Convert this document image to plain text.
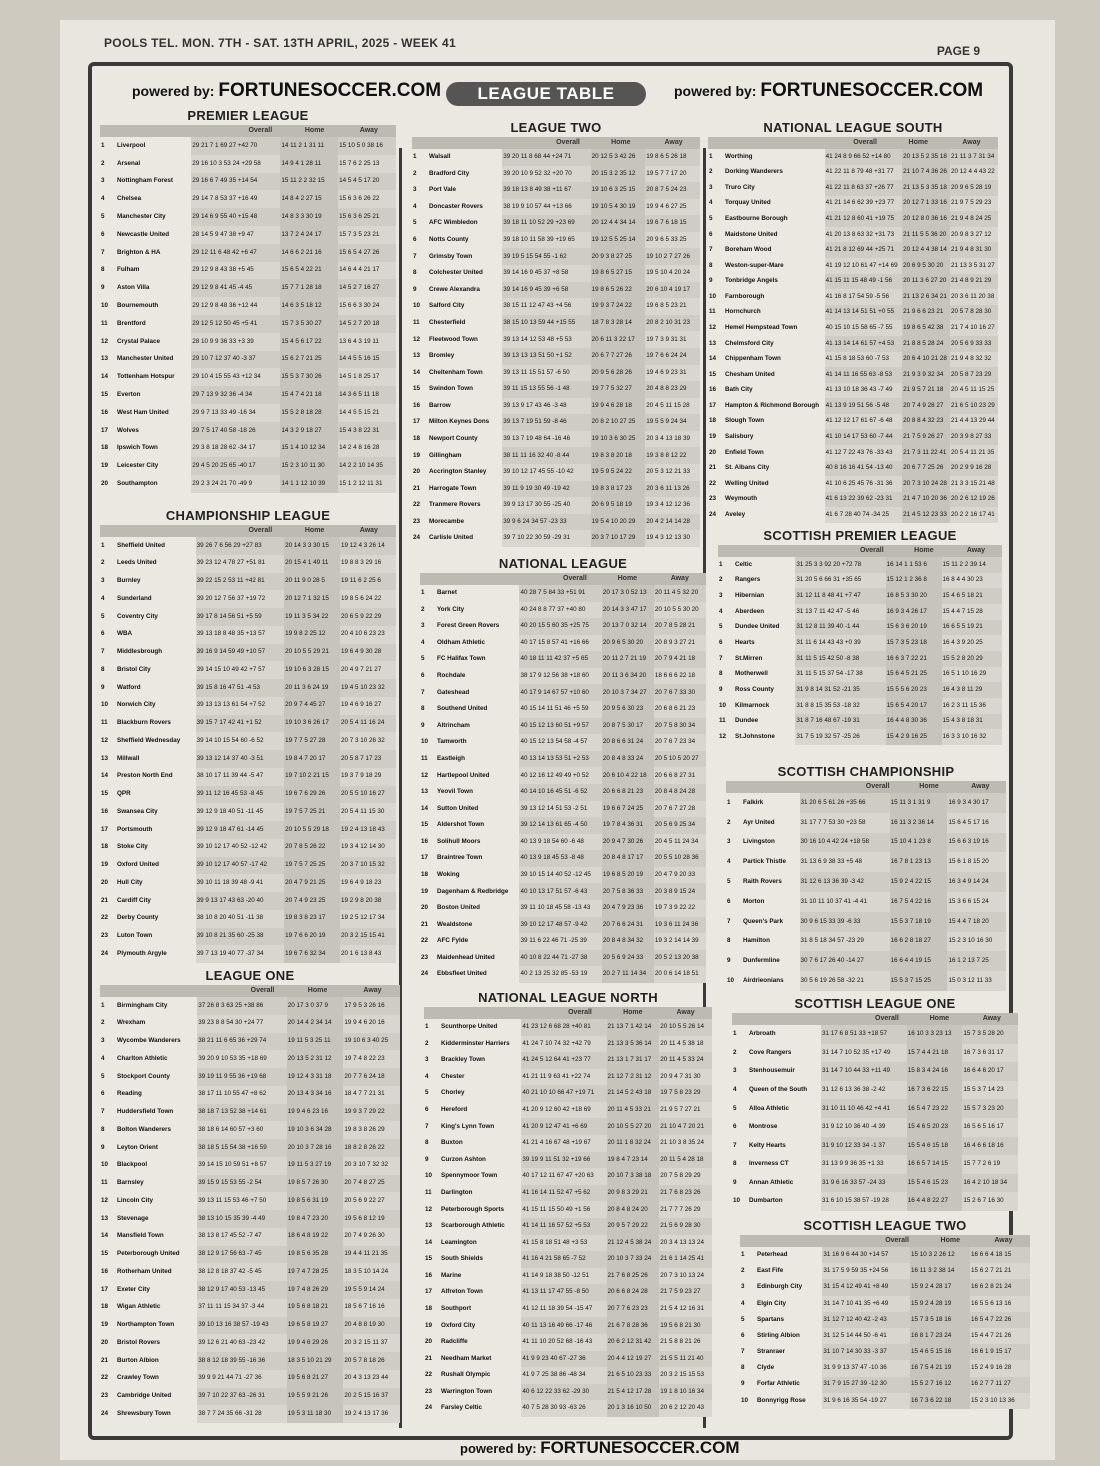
POOLS TEL. MON. 7TH - SAT. 13TH APRIL, 2025 - WEEK 41
PAGE 9
powered by: FORTUNESOCCER.COM	LEAGUE TABLE	powered by: FORTUNESOCCER.COM
PREMIER LEAGUE
Overall	Home	Away
1	Liverpool	29 21 7 1 69 27 +42 70	14 11 2 1 31 11	15 10 5 0 38 16
2	Arsenal	29 16 10 3 53 24 +29 58	14 9 4 1 28 11	15 7 6 2 25 13
3	Nottingham Forest	29 16 6 7 49 35 +14 54	15 11 2 2 32 15	14 5 4 5 17 20
4	Chelsea	29 14 7 8 53 37 +16 49	14 8 4 2 27 15	15 6 3 6 26 22
5	Manchester City	29 14 6 9 55 40 +15 48	14 8 3 3 30 19	15 6 3 6 25 21
6	Newcastle United	28 14 5 9 47 38 +9 47	13 7 2 4 24 17	15 7 3 5 23 21
7	Brighton & HA	29 12 11 6 48 42 +6 47	14 6 6 2 21 16	15 6 5 4 27 26
8	Fulham	29 12 9 8 43 38 +5 45	15 6 5 4 22 21	14 6 4 4 21 17
9	Aston Villa	29 12 9 8 41 45 -4 45	15 7 7 1 28 18	14 5 2 7 16 27
10	Bournemouth	29 12 9 8 48 36 +12 44	14 6 3 5 18 12	15 6 6 3 30 24
11	Brentford	29 12 5 12 50 45 +5 41	15 7 3 5 30 27	14 5 2 7 20 18
12	Crystal Palace	28 10 9 9 36 33 +3 39	15 4 5 6 17 22	13 6 4 3 19 11
13	Manchester United	29 10 7 12 37 40 -3 37	15 6 2 7 21 25	14 4 5 5 16 15
14	Tottenham Hotspur	29 10 4 15 55 43 +12 34	15 5 3 7 30 26	14 5 1 8 25 17
15	Everton	29 7 13 9 32 36 -4 34	15 4 7 4 21 18	14 3 6 5 11 18
16	West Ham United	29 9 7 13 33 49 -16 34	15 5 2 8 18 28	14 4 5 5 15 21
17	Wolves	29 7 5 17 40 58 -18 26	14 3 2 9 18 27	15 4 3 8 22 31
18	Ipswich Town	29 3 8 18 28 62 -34 17	15 1 4 10 12 34	14 2 4 8 16 28
19	Leicester City	29 4 5 20 25 65 -40 17	15 2 3 10 11 30	14 2 2 10 14 35
20	Southampton	29 2 3 24 21 70 -49 9	14 1 1 12 10 39	15 1 2 12 11 31
CHAMPIONSHIP LEAGUE
Overall	Home	Away
1	Sheffield United	39 26 7 6 56 29 +27 83	20 14 3 3 30 15	19 12 4 3 26 14
2	Leeds United	39 23 12 4 78 27 +51 81	20 15 4 1 49 11	19 8 8 3 29 16
3	Burnley	39 22 15 2 53 11 +42 81	20 11 9 0 28 5	19 11 6 2 25 6
4	Sunderland	39 20 12 7 56 37 +19 72	20 12 7 1 32 15	19 8 5 6 24 22
5	Coventry City	39 17 8 14 56 51 +5 59	19 11 3 5 34 22	20 6 5 9 22 29
6	WBA	39 13 18 8 48 35 +13 57	19 9 8 2 25 12	20 4 10 6 23 23
7	Middlesbrough	39 16 9 14 59 49 +10 57	20 10 5 5 29 21	19 6 4 9 30 28
8	Bristol City	39 14 15 10 49 42 +7 57	19 10 6 3 28 15	20 4 9 7 21 27
9	Watford	39 15 8 16 47 51 -4 53	20 11 3 6 24 19	19 4 5 10 23 32
10	Norwich City	39 13 13 13 61 54 +7 52	20 9 7 4 45 27	19 4 6 9 16 27
11	Blackburn Rovers	39 15 7 17 42 41 +1 52	19 10 3 6 26 17	20 5 4 11 16 24
12	Sheffield Wednesday	39 14 10 15 54 60 -6 52	19 7 7 5 27 28	20 7 3 10 26 32
13	Millwall	39 13 12 14 37 40 -3 51	19 8 4 7 20 17	20 5 8 7 17 23
14	Preston North End	38 10 17 11 39 44 -5 47	19 7 10 2 21 15	19 3 7 9 18 29
15	QPR	39 11 12 16 45 53 -8 45	19 6 7 6 29 26	20 5 5 10 16 27
16	Swansea City	39 12 9 18 40 51 -11 45	19 7 5 7 25 21	20 5 4 11 15 30
17	Portsmouth	39 12 9 18 47 61 -14 45	20 10 5 5 29 18	19 2 4 13 18 43
18	Stoke City	39 10 12 17 40 52 -12 42	20 7 8 5 26 22	19 3 4 12 14 30
19	Oxford United	39 10 12 17 40 57 -17 42	19 7 5 7 25 25	20 3 7 10 15 32
20	Hull City	39 10 11 18 39 48 -9 41	20 4 7 9 21 25	19 6 4 9 18 23
21	Cardiff City	39 9 13 17 43 63 -20 40	20 7 4 9 23 25	19 2 9 8 20 38
22	Derby County	38 10 8 20 40 51 -11 38	19 8 3 8 23 17	19 2 5 12 17 34
23	Luton Town	39 10 8 21 35 60 -25 38	19 7 6 6 20 19	20 3 2 15 15 41
24	Plymouth Argyle	39 7 13 19 40 77 -37 34	19 6 7 6 32 34	20 1 6 13 8 43
LEAGUE ONE
Overall	Home	Away
1	Birmingham City	37 26 8 3 63 25 +38 86	20 17 3 0 37 9	17 9 5 3 26 16
2	Wrexham	39 23 8 8 54 30 +24 77	20 14 4 2 34 14	19 9 4 6 20 16
3	Wycombe Wanderers	38 21 11 6 65 36 +29 74	19 11 5 3 25 11	19 10 6 3 40 25
4	Charlton Athletic	39 20 9 10 53 35 +18 69	20 13 5 2 31 12	19 7 4 8 22 23
5	Stockport County	39 19 11 9 55 36 +19 68	19 12 4 3 31 18	20 7 7 6 24 18
6	Reading	38 17 11 10 55 47 +8 62	20 13 4 3 34 16	18 4 7 7 21 31
7	Huddersfield Town	38 18 7 13 52 38 +14 61	19 9 4 6 23 16	19 9 3 7 29 22
8	Bolton Wanderers	38 18 6 14 60 57 +3 60	19 10 3 6 34 28	19 8 3 8 26 29
9	Leyton Orient	38 18 5 15 54 38 +16 59	20 10 3 7 28 16	18 8 2 8 26 22
10	Blackpool	39 14 15 10 59 51 +8 57	19 11 5 3 27 19	20 3 10 7 32 32
11	Barnsley	39 15 9 15 53 55 -2 54	19 8 5 7 26 30	20 7 4 8 27 25
12	Lincoln City	39 13 11 15 53 46 +7 50	19 8 5 6 31 19	20 5 6 9 22 27
13	Stevenage	38 13 10 15 35 39 -4 49	19 8 4 7 23 20	19 5 6 8 12 19
14	Mansfield Town	38 13 8 17 45 52 -7 47	18 6 4 8 19 22	20 7 4 9 26 30
15	Peterborough United	38 12 9 17 56 63 -7 45	19 8 5 6 35 28	19 4 4 11 21 35
16	Rotherham United	38 12 8 18 37 42 -5 45	19 7 4 7 28 25	18 3 5 10 14 24
17	Exeter City	38 12 9 17 40 53 -13 45	19 7 4 8 26 29	19 5 5 9 14 24
18	Wigan Athletic	37 11 11 15 34 37 -3 44	19 5 6 8 18 21	18 5 6 7 16 16
19	Northampton Town	39 10 13 16 38 57 -19 43	19 6 5 8 19 27	20 4 8 8 19 30
20	Bristol Rovers	39 12 6 21 40 63 -23 42	19 9 4 6 29 26	20 3 2 15 11 37
21	Burton Albion	38 8 12 18 39 55 -16 36	18 3 5 10 21 29	20 5 7 8 18 26
22	Crawley Town	39 9 9 21 44 71 -27 36	19 5 6 8 21 27	20 4 3 13 23 44
23	Cambridge United	39 7 10 22 37 63 -26 31	19 5 5 9 21 26	20 2 5 15 16 37
24	Shrewsbury Town	38 7 7 24 35 66 -31 28	19 5 3 11 18 30	19 2 4 13 17 36
LEAGUE TWO
Overall	Home	Away
1	Walsall	39 20 11 8 68 44 +24 71	20 12 5 3 42 26	19 8 6 5 26 18
2	Bradford City	39 20 10 9 52 32 +20 70	20 15 3 2 35 12	19 5 7 7 17 20
3	Port Vale	39 18 13 8 49 38 +11 67	19 10 6 3 25 15	20 8 7 5 24 23
4	Doncaster Rovers	38 19 9 10 57 44 +13 66	19 10 5 4 30 19	19 9 4 6 27 25
5	AFC Wimbledon	39 18 11 10 52 29 +23 69	20 12 4 4 34 14	19 6 7 6 18 15
6	Notts County	39 18 10 11 58 39 +19 65	19 12 5 5 25 14	20 9 6 5 33 25
7	Grimsby Town	39 19 5 15 54 55 -1 62	20 9 3 8 27 25	19 10 2 7 27 26
8	Colchester United	39 14 16 9 45 37 +8 58	19 8 6 5 27 15	19 5 10 4 20 24
9	Crewe Alexandra	39 14 16 9 45 39 +6 58	19 8 6 5 26 22	20 6 10 4 19 17
10	Salford City	38 15 11 12 47 43 +4 56	19 9 3 7 24 22	19 6 8 5 23 21
11	Chesterfield	38 15 10 13 59 44 +15 55	18 7 8 3 28 14	20 8 2 10 31 23
12	Fleetwood Town	39 13 14 12 53 48 +5 53	20 6 11 3 22 17	19 7 3 9 31 31
13	Bromley	39 13 13 13 51 50 +1 52	20 6 7 7 27 26	19 7 6 6 24 24
14	Cheltenham Town	39 13 11 15 51 57 -6 50	20 9 5 6 28 26	19 4 6 9 23 31
15	Swindon Town	39 11 15 13 55 56 -1 48	19 7 7 5 32 27	20 4 8 8 23 29
16	Barrow	39 13 9 17 43 46 -3 48	19 9 4 6 28 18	20 4 5 11 15 28
17	Milton Keynes Dons	39 13 7 19 51 59 -8 46	20 8 2 10 27 25	19 5 5 9 24 34
18	Newport County	39 13 7 19 48 64 -16 46	19 10 3 6 30 25	20 3 4 13 18 39
19	Gillingham	38 11 11 16 32 40 -8 44	19 8 3 8 20 18	19 3 8 8 12 22
20	Accrington Stanley	39 10 12 17 45 55 -10 42	19 5 9 5 24 22	20 5 3 12 21 33
21	Harrogate Town	39 11 9 19 30 49 -19 42	19 8 3 8 17 23	20 3 6 11 13 26
22	Tranmere Rovers	39 9 13 17 30 55 -25 40	20 6 9 5 18 19	19 3 4 12 12 36
23	Morecambe	39 9 6 24 34 57 -23 33	19 5 4 10 20 29	20 4 2 14 14 28
24	Carlisle United	39 7 10 22 30 59 -29 31	20 3 7 10 17 29	19 4 3 12 13 30
NATIONAL LEAGUE
Overall	Home	Away
1	Barnet	40 28 7 5 84 33 +51 91	20 17 3 0 52 13	20 11 4 5 32 20
2	York City	40 24 8 8 77 37 +40 80	20 14 3 3 47 17	20 10 5 5 30 20
3	Forest Green Rovers	40 20 15 5 60 35 +25 75	20 13 7 0 32 14	20 7 8 5 28 21
4	Oldham Athletic	40 17 15 8 57 41 +16 66	20 9 6 5 30 20	20 8 9 3 27 21
5	FC Halifax Town	40 18 11 11 42 37 +5 65	20 11 2 7 21 19	20 7 9 4 21 18
6	Rochdale	38 17 9 12 56 38 +18 60	20 11 3 6 34 20	18 6 6 6 22 18
7	Gateshead	40 17 9 14 67 57 +10 60	20 10 3 7 34 27	20 7 6 7 33 30
8	Southend United	40 15 14 11 51 46 +5 59	20 9 5 6 30 23	20 6 8 6 21 23
9	Altrincham	40 15 12 13 60 51 +9 57	20 8 7 5 30 17	20 7 5 8 30 34
10	Tamworth	40 15 12 13 54 58 -4 57	20 8 6 6 31 24	20 7 6 7 23 34
11	Eastleigh	40 13 14 13 53 51 +2 53	20 8 4 8 33 24	20 5 10 5 20 27
12	Hartlepool United	40 12 16 12 49 49 +0 52	20 6 10 4 22 18	20 6 6 8 27 31
13	Yeovil Town	40 14 10 16 45 51 -6 52	20 6 6 8 21 23	20 8 4 8 24 28
14	Sutton United	39 13 12 14 51 53 -2 51	19 6 6 7 24 25	20 7 6 7 27 28
15	Aldershot Town	39 12 14 13 61 65 -4 50	19 7 8 4 36 31	20 5 6 9 25 34
16	Solihull Moors	40 13 9 18 54 60 -6 48	20 9 4 7 30 26	20 4 5 11 24 34
17	Braintree Town	40 13 9 18 45 53 -8 48	20 8 4 8 17 17	20 5 5 10 28 36
18	Woking	39 10 15 14 40 52 -12 45	19 6 8 5 20 19	20 4 7 9 20 33
19	Dagenham & Redbridge	40 10 13 17 51 57 -6 43	20 7 5 8 36 33	20 3 8 9 15 24
20	Boston United	39 11 10 18 45 58 -13 43	20 4 7 9 23 36	19 7 3 9 22 22
21	Wealdstone	39 10 12 17 48 57 -9 42	20 7 6 6 24 31	19 3 6 11 24 36
22	AFC Fylde	39 11 6 22 46 71 -25 39	20 8 4 8 34 32	19 3 2 14 14 39
23	Maidenhead United	40 10 8 22 44 71 -27 38	20 5 6 9 24 33	20 5 2 13 20 38
24	Ebbsfleet United	40 2 13 25 32 85 -53 19	20 2 7 11 14 34	20 0 6 14 18 51
NATIONAL LEAGUE NORTH
Overall	Home	Away
1	Scunthorpe United	41 23 12 6 68 28 +40 81	21 13 7 1 42 14	20 10 5 5 26 14
2	Kidderminster Harriers	41 24 7 10 74 32 +42 79	21 13 3 5 36 14	20 11 4 5 38 18
3	Brackley Town	41 24 5 12 64 41 +23 77	21 13 1 7 31 17	20 11 4 5 33 24
4	Chester	41 21 11 9 63 41 +22 74	21 12 7 2 31 12	20 9 4 7 31 30
5	Chorley	40 21 10 10 66 47 +19 71	21 14 5 2 43 18	19 7 5 8 23 29
6	Hereford	41 20 9 12 60 42 +18 69	20 11 4 5 33 21	21 9 5 7 27 21
7	King's Lynn Town	41 20 9 12 47 41 +6 69	20 10 5 5 27 20	21 10 4 7 20 21
8	Buxton	41 21 4 16 67 48 +19 67	20 11 1 8 32 24	21 10 3 8 35 24
9	Curzon Ashton	39 19 9 11 51 32 +19 66	19 8 4 7 23 14	20 11 5 4 28 18
10	Spennymoor Town	40 17 12 11 67 47 +20 63	20 10 7 3 38 18	20 7 5 8 29 29
11	Darlington	41 16 14 11 52 47 +5 62	20 9 8 3 29 21	21 7 6 8 23 26
12	Peterborough Sports	41 15 11 15 50 49 +1 56	20 8 4 8 24 20	21 7 7 7 26 29
13	Scarborough Athletic	41 14 11 16 57 52 +5 53	20 9 5 7 29 22	21 5 6 9 28 30
14	Leamington	41 15 8 18 51 48 +3 53	21 12 4 5 38 24	20 3 4 13 13 24
15	South Shields	41 16 4 21 58 65 -7 52	20 10 3 7 33 24	21 6 1 14 25 41
16	Marine	41 14 9 18 38 50 -12 51	21 7 6 8 25 26	20 7 3 10 13 24
17	Alfreton Town	41 13 11 17 47 55 -8 50	20 6 6 8 24 28	21 7 5 9 23 27
18	Southport	41 12 11 18 39 54 -15 47	20 7 7 6 23 23	21 5 4 12 16 31
19	Oxford City	40 11 13 16 49 66 -17 46	21 6 7 8 28 36	19 5 6 8 21 30
20	Radcliffe	41 11 10 20 52 68 -16 43	20 6 2 12 31 42	21 5 8 8 21 26
21	Needham Market	41 9 9 23 40 67 -27 36	20 4 4 12 19 27	21 5 5 11 21 40
22	Rushall Olympic	41 9 7 25 38 86 -48 34	21 6 5 10 23 33	20 3 2 15 15 53
23	Warrington Town	40 6 12 22 33 62 -29 30	21 5 4 12 17 28	19 1 8 10 16 34
24	Farsley Celtic	40 7 5 28 30 93 -63 26	20 1 3 16 10 50	20 6 2 12 20 43
NATIONAL LEAGUE SOUTH
Overall	Home	Away
1	Worthing	41 24 8 9 66 52 +14 80	20 13 5 2 35 18	21 11 3 7 31 34
2	Dorking Wanderers	41 22 11 8 79 48 +31 77	21 10 7 4 36 26	20 12 4 4 43 22
3	Truro City	41 22 11 8 63 37 +26 77	21 13 5 3 35 18	20 9 6 5 28 19
4	Torquay United	41 21 14 6 62 39 +23 77	20 12 7 1 33 16	21 9 7 5 29 23
5	Eastbourne Borough	41 21 12 8 60 41 +19 75	20 12 8 0 36 16	21 9 4 8 24 25
6	Maidstone United	41 20 13 8 63 32 +31 73	21 11 5 5 36 20	20 9 8 3 27 12
7	Boreham Wood	41 21 8 12 69 44 +25 71	20 12 4 4 38 14	21 9 4 8 31 30
8	Weston-super-Mare	41 19 12 10 61 47 +14 69	20 6 9 5 30 20	21 13 3 5 31 27
9	Tonbridge Angels	41 15 11 15 48 49 -1 56	20 11 3 6 27 20	21 4 8 9 21 29
10	Farnborough	41 16 8 17 54 59 -5 56	21 13 2 6 34 21	20 3 6 11 20 38
11	Hornchurch	41 14 13 14 51 51 +0 55	21 9 6 6 23 21	20 5 7 8 28 30
12	Hemel Hempstead Town	40 15 10 15 58 65 -7 55	19 8 6 5 42 38	21 7 4 10 16 27
13	Chelmsford City	41 13 14 14 61 57 +4 53	21 8 8 5 28 24	20 5 6 9 33 33
14	Chippenham Town	41 15 8 18 53 60 -7 53	20 6 4 10 21 28	21 9 4 8 32 32
15	Chesham United	41 14 11 16 55 63 -8 53	21 9 3 9 32 34	20 5 8 7 23 29
16	Bath City	41 13 10 18 36 43 -7 49	21 9 5 7 21 18	20 4 5 11 15 25
17	Hampton & Richmond Borough	41 13 9 19 51 56 -5 48	20 7 4 9 28 27	21 6 5 10 23 29
18	Slough Town	41 12 12 17 61 67 -6 48	20 8 8 4 32 23	21 4 4 13 29 44
19	Salisbury	41 10 14 17 53 60 -7 44	21 7 5 9 26 27	20 3 9 8 27 33
20	Enfield Town	41 12 7 22 43 76 -33 43	21 7 3 11 22 41	20 5 4 11 21 35
21	St. Albans City	40 8 16 16 41 54 -13 40	20 6 7 7 25 26	20 2 9 9 16 28
22	Welling United	41 10 6 25 45 76 -31 36	20 7 3 10 24 28	21 3 3 15 21 48
23	Weymouth	41 6 13 22 39 62 -23 31	21 4 7 10 20 36	20 2 6 12 19 26
24	Aveley	41 6 7 28 40 74 -34 25	21 4 5 12 23 33	20 2 2 16 17 41
SCOTTISH PREMIER LEAGUE
Overall	Home	Away
1	Celtic	31 25 3 3 92 20 +72 78	16 14 1 1 53 6	15 11 2 2 39 14
2	Rangers	31 20 5 6 66 31 +35 65	15 12 1 2 36 8	16 8 4 4 30 23
3	Hibernian	31 12 11 8 48 41 +7 47	16 8 5 3 30 20	15 4 6 5 18 21
4	Aberdeen	31 13 7 11 42 47 -5 46	16 9 3 4 26 17	15 4 4 7 15 28
5	Dundee United	31 12 8 11 39 40 -1 44	15 6 3 6 20 19	16 6 5 5 19 21
6	Hearts	31 11 6 14 43 43 +0 39	15 7 3 5 23 18	16 4 3 9 20 25
7	St.Mirren	31 11 5 15 42 50 -8 38	16 6 3 7 22 21	15 5 2 8 20 29
8	Motherwell	31 11 5 15 37 54 -17 38	15 6 4 5 21 25	16 5 1 10 16 29
9	Ross County	31 9 8 14 31 52 -21 35	15 5 5 6 20 23	16 4 3 8 11 29
10	Kilmarnock	31 8 8 15 35 53 -18 32	15 6 5 4 20 17	16 2 3 11 15 36
11	Dundee	31 8 7 16 48 67 -19 31	16 4 4 8 30 36	15 4 3 8 18 31
12	St.Johnstone	31 7 5 19 32 57 -25 26	15 4 2 9 16 25	16 3 3 10 16 32
SCOTTISH CHAMPIONSHIP
Overall	Home	Away
1	Falkirk	31 20 6 5 61 26 +35 66	15 11 3 1 31 9	16 9 3 4 30 17
2	Ayr United	31 17 7 7 53 30 +23 58	16 11 3 2 36 14	15 6 4 5 17 16
3	Livingston	30 16 10 4 42 24 +18 58	15 10 4 1 23 8	15 6 6 3 19 16
4	Partick Thistle	31 13 6 9 38 33 +5 48	16 7 8 1 23 13	15 6 1 8 15 20
5	Raith Rovers	31 12 6 13 36 39 -3 42	15 9 2 4 22 15	16 3 4 9 14 24
6	Morton	31 10 11 10 37 41 -4 41	16 7 5 4 22 16	15 3 6 6 15 24
7	Queen's Park	30 9 6 15 33 39 -6 33	15 5 3 7 18 19	15 4 4 7 18 20
8	Hamilton	31 8 5 18 34 57 -23 29	16 6 2 8 18 27	15 2 3 10 16 30
9	Dunfermline	30 7 6 17 26 40 -14 27	16 6 4 4 19 15	16 1 2 13 7 25
10	Airdrieonians	30 5 6 19 26 58 -32 21	15 5 3 7 15 25	15 0 3 12 11 33
SCOTTISH LEAGUE ONE
Overall	Home	Away
1	Arbroath	31 17 6 8 51 33 +18 57	16 10 3 3 23 13	15 7 3 5 28 20
2	Cove Rangers	31 14 7 10 52 35 +17 49	15 7 4 4 21 18	16 7 3 6 31 17
3	Stenhousemuir	31 14 7 10 44 33 +11 49	15 8 3 4 24 16	16 6 4 6 20 17
4	Queen of the South	31 12 6 13 36 38 -2 42	16 7 3 6 22 15	15 5 3 7 14 23
5	Alloa Athletic	31 10 11 10 46 42 +4 41	16 5 4 7 23 22	15 5 7 3 23 20
6	Montrose	31 9 12 10 36 40 -4 39	15 4 6 5 20 23	16 5 6 5 16 17
7	Kelty Hearts	31 9 10 12 33 34 -1 37	15 5 4 6 15 18	16 4 6 6 18 16
8	Inverness CT	31 13 9 9 36 35 +1 33	16 6 5 7 14 15	15 7 7 2 6 19
9	Annan Athletic	31 9 6 16 33 57 -24 33	15 5 4 6 15 23	16 4 2 10 18 34
10	Dumbarton	31 6 10 15 38 57 -19 28	16 4 4 8 22 27	15 2 6 7 16 30
SCOTTISH LEAGUE TWO
Overall	Home	Away
1	Peterhead	31 16 9 6 44 30 +14 57	15 10 3 2 26 12	16 6 6 4 18 15
2	East Fife	31 17 5 9 59 35 +24 56	16 11 3 2 38 14	15 6 2 7 21 21
3	Edinburgh City	31 15 4 12 49 41 +8 49	15 9 2 4 28 17	16 6 2 8 21 24
4	Elgin City	31 14 7 10 41 35 +6 49	15 9 2 4 28 19	16 5 5 6 13 16
5	Spartans	31 12 7 12 40 42 -2 43	15 7 3 5 18 16	16 5 4 7 22 26
6	Stirling Albion	31 12 5 14 44 50 -6 41	16 8 1 7 23 24	15 4 4 7 21 26
7	Stranraer	31 10 7 14 30 33 -3 37	15 4 6 5 15 16	16 6 1 9 15 17
8	Clyde	31 9 9 13 37 47 -10 36	16 7 5 4 21 19	15 2 4 9 16 28
9	Forfar Athletic	31 7 9 15 27 39 -12 30	15 5 2 7 16 12	16 2 7 7 11 27
10	Bonnyrigg Rose	31 9 6 16 35 54 -19 27	16 7 3 6 22 18	15 2 3 10 13 36
powered by: FORTUNESOCCER.COM
